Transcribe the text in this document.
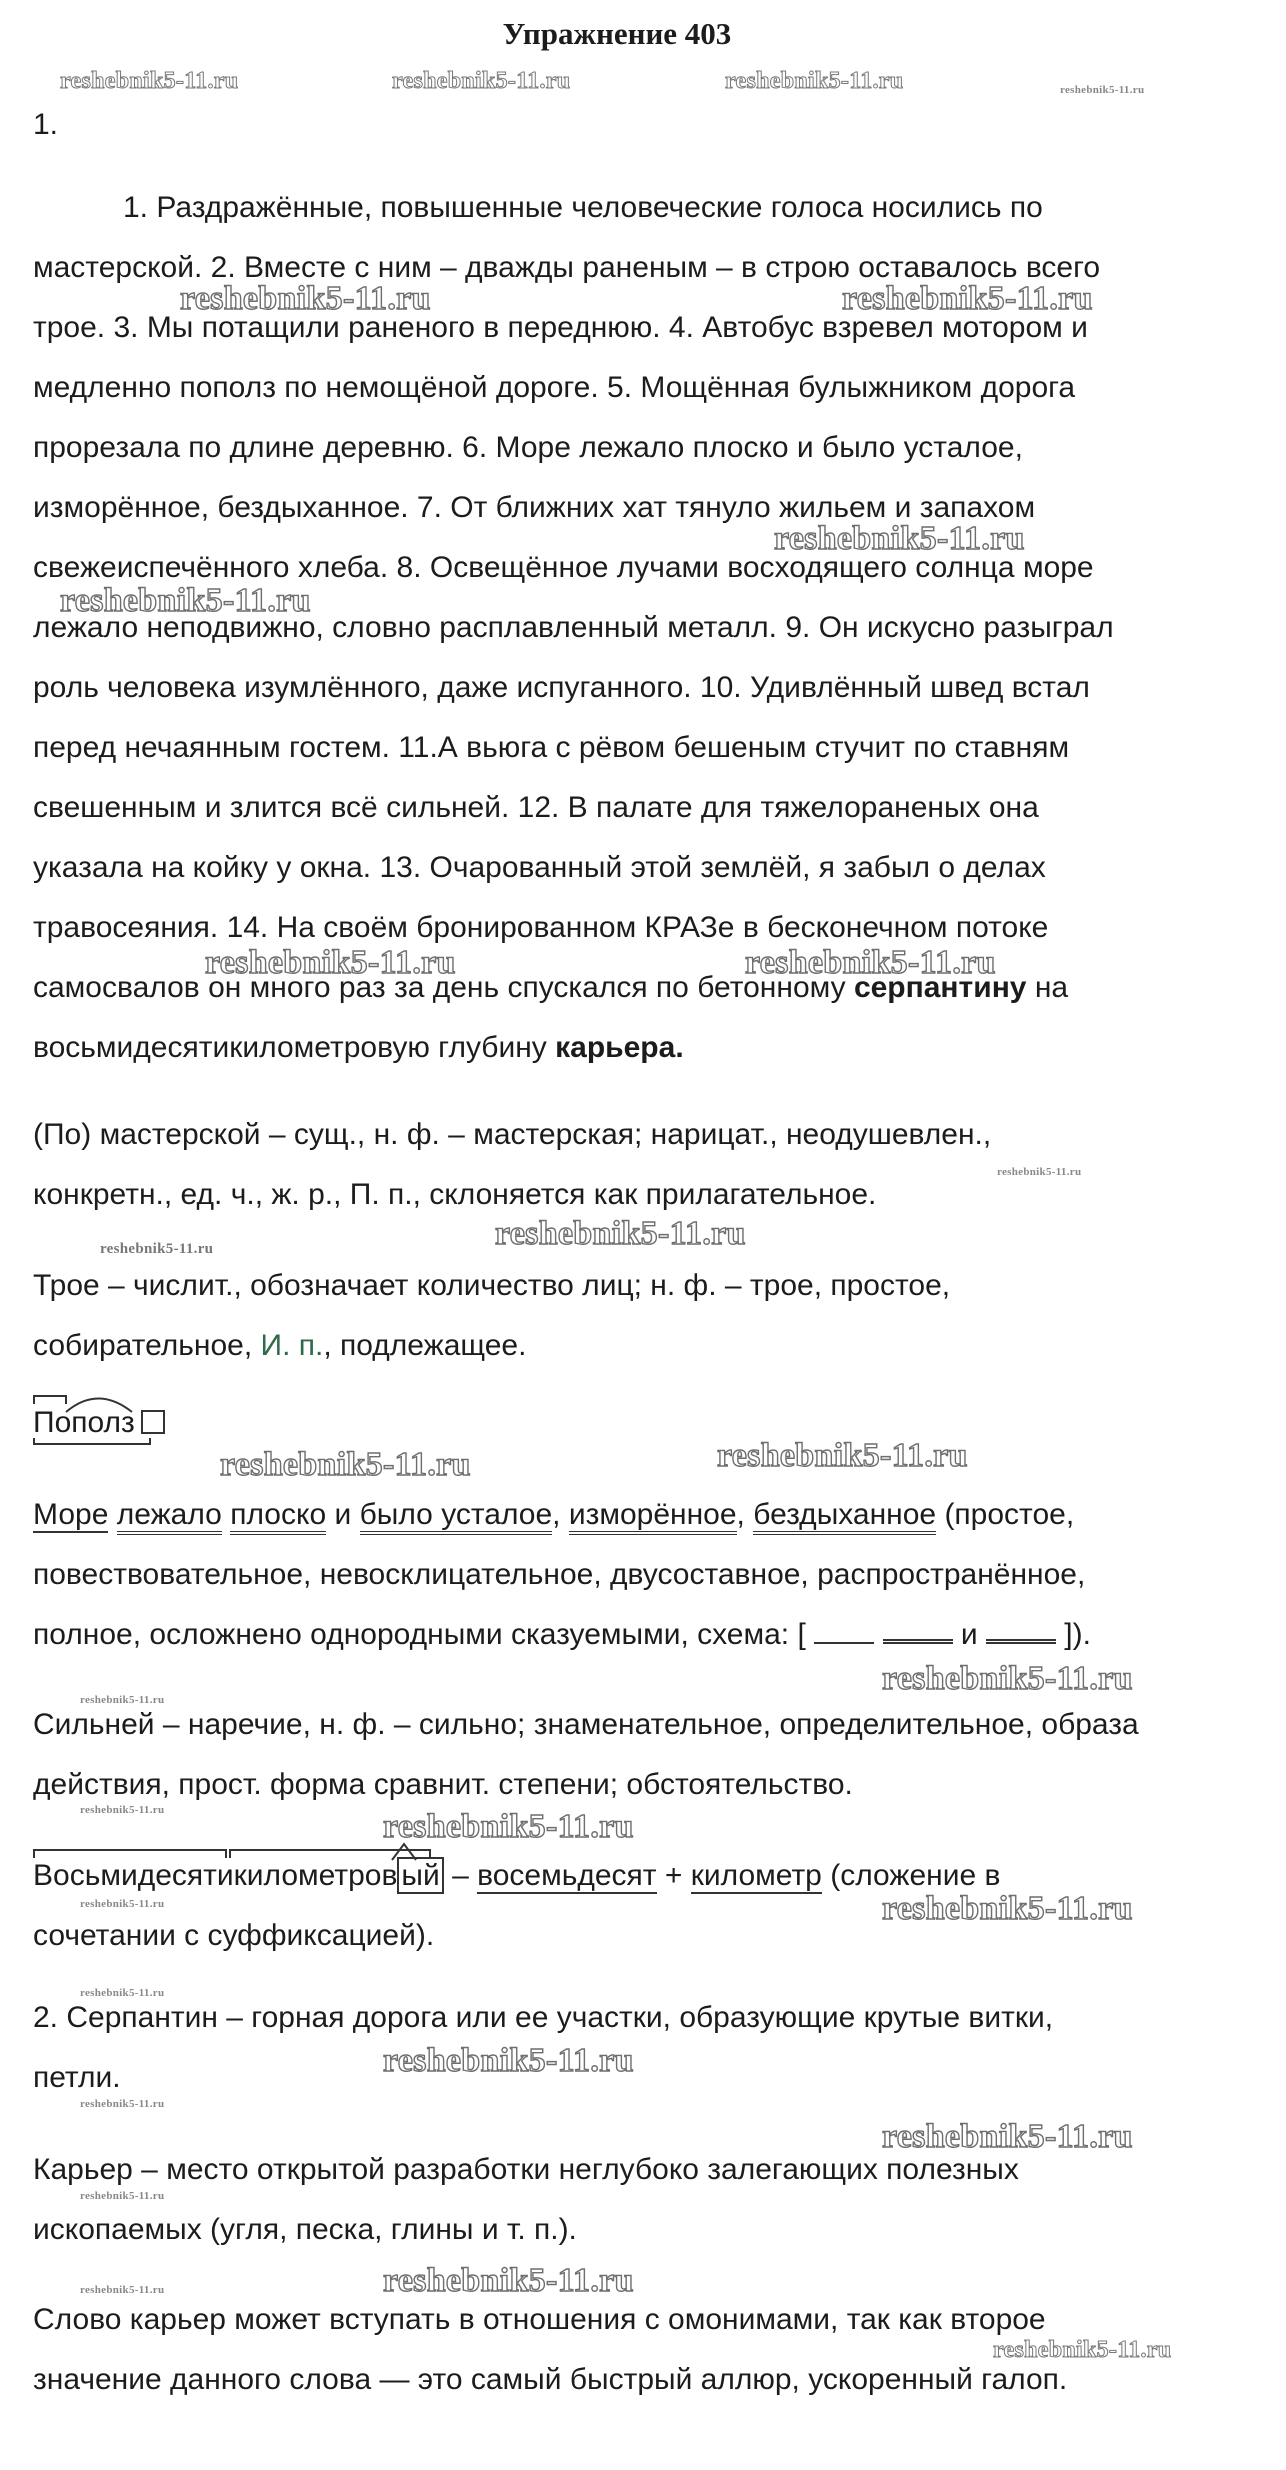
Упражнение 403
reshebnik5-11.ru	reshebnik5-11.ru	reshebnik5-11.ru	reshebnik5-11.ru
reshebnik5-11.ru	reshebnik5-11.ru
reshebnik5-11.ru
reshebnik5-11.ru
reshebnik5-11.ru	reshebnik5-11.ru
reshebnik5-11.ru
reshebnik5-11.ru
reshebnik5-11.ru
reshebnik5-11.ru	reshebnik5-11.ru
reshebnik5-11.ru
reshebnik5-11.ru
reshebnik5-11.ru	reshebnik5-11.ru
reshebnik5-11.ru	reshebnik5-11.ru
reshebnik5-11.ru
reshebnik5-11.ru
reshebnik5-11.ru
reshebnik5-11.ru
reshebnik5-11.ru
reshebnik5-11.ru
reshebnik5-11.ru
reshebnik5-11.ru
1.
1. Раздражённые, повышенные человеческие голоса носились по
мастерской. 2. Вместе с ним – дважды раненым – в строю оставалось всего
трое. 3. Мы потащили раненого в переднюю. 4. Автобус взревел мотором и
медленно пополз по немощёной дороге. 5. Мощённая булыжником дорога
прорезала по длине деревню. 6. Море лежало плоско и было усталое,
изморённое, бездыханное. 7. От ближних хат тянуло жильем и запахом
свежеиспечённого хлеба. 8. Освещённое лучами восходящего солнца море
лежало неподвижно, словно расплавленный металл. 9. Он искусно разыграл
роль человека изумлённого, даже испуганного. 10. Удивлённый швед встал
перед нечаянным гостем. 11.А вьюга с рёвом бешеным стучит по ставням
свешенным и злится всё сильней. 12. В палате для тяжелораненых она
указала на койку у окна. 13. Очарованный этой землёй, я забыл о делах
травосеяния. 14. На своём бронированном КРАЗе в бесконечном потоке
самосвалов он много раз за день спускался по бетонному серпантину на
восьмидесятикилометровую глубину карьера.
(По) мастерской – сущ., н. ф. – мастерская; нарицат., неодушевлен.,
конкретн., ед. ч., ж. р., П. п., склоняется как прилагательное.
Трое – числит., обозначает количество лиц; н. ф. – трое, простое,
собирательное, И. п., подлежащее.
Пополз
Море лежало плоско и было усталое, изморённое, бездыханное (простое,
повествовательное, невосклицательное, двусоставное, распространённое,
полное, осложнено однородными сказуемыми, схема: [	и  ]).
Сильней – наречие, н. ф. – сильно; знаменательное, определительное, образа
действия, прост. форма сравнит. степени; обстоятельство.
Восьмидесятикилометров ый – восемьдесят + километр (сложение в
сочетании с суффиксацией).
2. Серпантин – горная дорога или ее участки, образующие крутые витки,
петли.
Карьер – место открытой разработки неглубоко залегающих полезных
ископаемых (угля, песка, глины и т. п.).
Слово карьер может вступать в отношения с омонимами, так как второе
значение данного слова — это самый быстрый аллюр, ускоренный галоп.
